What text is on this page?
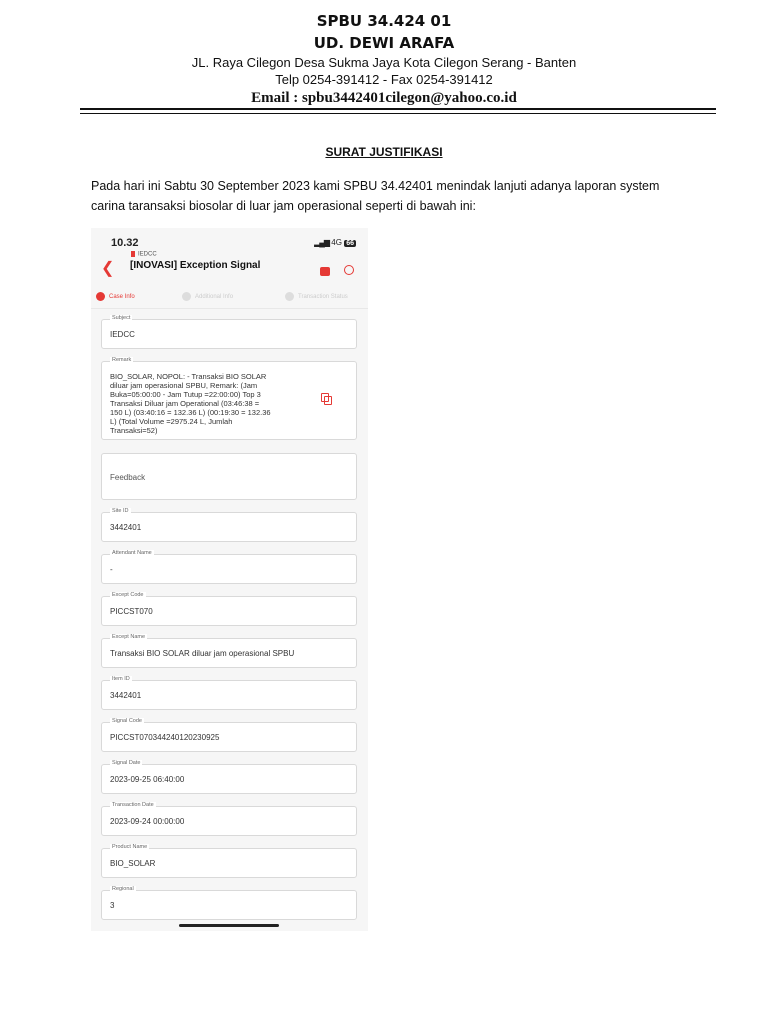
SPBU 34.424 01
UD. DEWI ARAFA
JL. Raya Cilegon Desa Sukma Jaya Kota Cilegon Serang - Banten
Telp 0254-391412 - Fax 0254-391412
Email : spbu3442401cilegon@yahoo.co.id
SURAT JUSTIFIKASI
Pada hari ini Sabtu 30 September 2023 kami SPBU 34.42401 menindak lanjuti adanya laporan system
carina taransaksi biosolar di luar jam operasional seperti di bawah ini:
10.32	▂▄▆ 4G 66
❮
IEDCC
[INOVASI] Exception Signal
Case Info	Additional Info	Transaction Status
Subject
IEDCC
Remark
BIO_SOLAR, NOPOL: - Transaksi BIO SOLAR
diluar jam operasional SPBU, Remark: (Jam
Buka=05:00:00 - Jam Tutup =22:00:00) Top 3
Transaksi Diluar jam Operational (03:46:38 =
150 L) (03:40:16 = 132.36 L) (00:19:30 = 132.36
L) (Total Volume =2975.24 L, Jumlah
Transaksi=52)
Feedback
Site ID
3442401
Attendant Name
-
Except Code
PICCST070
Except Name
Transaksi BIO SOLAR diluar jam operasional SPBU
Item ID
3442401
Signal Code
PICCST0703442401202309​25
Signal Date
2023-09-25 06:40:00
Transaction Date
2023-09-24 00:00:00
Product Name
BIO_SOLAR
Regional
3
